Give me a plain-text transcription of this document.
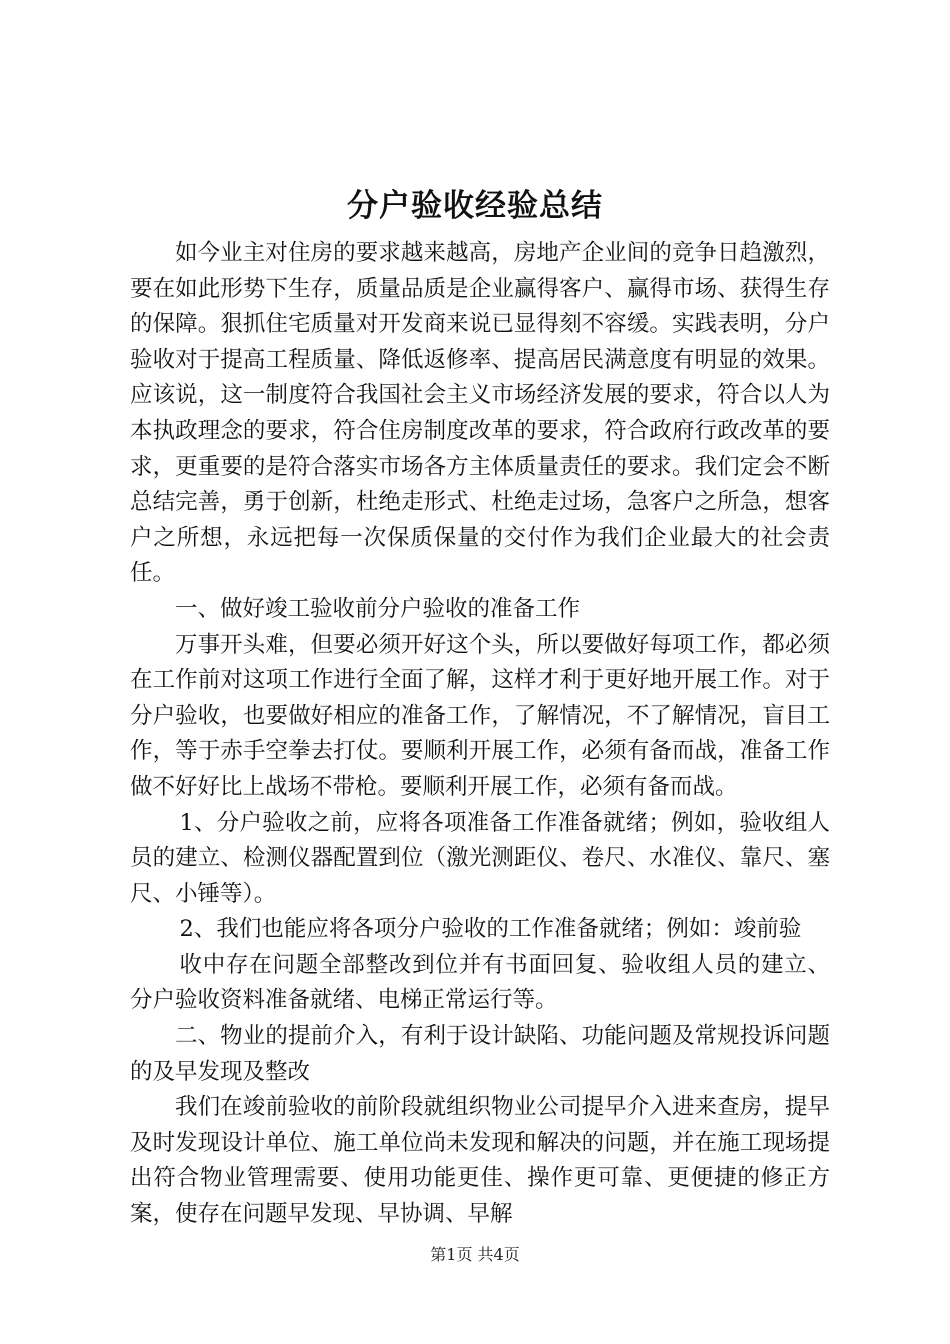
分户验收经验总结

如今业主对住房的要求越来越高，房地产企业间的竞争日趋激烈，要在如此形势下生存，质量品质是企业赢得客户、赢得市场、获得生存的保障。狠抓住宅质量对开发商来说已显得刻不容缓。实践表明，分户验收对于提高工程质量、降低返修率、提高居民满意度有明显的效果。应该说，这一制度符合我国社会主义市场经济发展的要求，符合以人为本执政理念的要求，符合住房制度改革的要求，符合政府行政改革的要求，更重要的是符合落实市场各方主体质量责任的要求。我们定会不断总结完善，勇于创新，杜绝走形式、杜绝走过场，急客户之所急，想客户之所想，永远把每一次保质保量的交付作为我们企业最大的社会责任。

一、做好竣工验收前分户验收的准备工作

万事开头难，但要必须开好这个头，所以要做好每项工作，都必须在工作前对这项工作进行全面了解，这样才利于更好地开展工作。对于分户验收，也要做好相应的准备工作，了解情况，不了解情况，盲目工作，等于赤手空拳去打仗。要顺利开展工作，必须有备而战，准备工作做不好好比上战场不带枪。要顺利开展工作，必须有备而战。

1、分户验收之前，应将各项准备工作准备就绪；例如，验收组人员的建立、检测仪器配置到位（激光测距仪、卷尺、水准仪、靠尺、塞尺、小锤等）。

2、我们也能应将各项分户验收的工作准备就绪；例如：竣前验

收中存在问题全部整改到位并有书面回复、验收组人员的建立、分户验收资料准备就绪、电梯正常运行等。

二、物业的提前介入，有利于设计缺陷、功能问题及常规投诉问题的及早发现及整改

我们在竣前验收的前阶段就组织物业公司提早介入进来查房，提早及时发现设计单位、施工单位尚未发现和解决的问题，并在施工现场提出符合物业管理需要、使用功能更佳、操作更可靠、更便捷的修正方案，使存在问题早发现、早协调、早解

第1页 共4页
